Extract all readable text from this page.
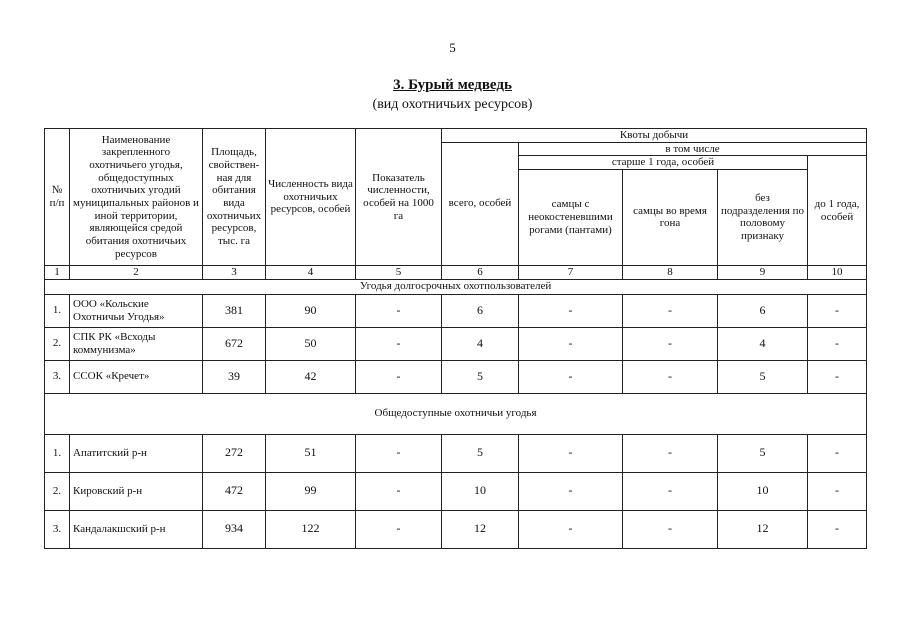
5
3. Бурый медведь
(вид охотничьих ресурсов)
№ п/п	Наименование закрепленного охотничьего угодья, общедоступных охотничьих угодий муниципальных районов и иной территории, являющейся средой обитания охотничьих ресурсов	Площадь, свойствен-ная для обитания вида охотничьих ресурсов, тыс. га	Численность вида охотничьих ресурсов, особей	Показатель численности, особей на 1000 га	Квоты добычи				
					всего, особей	в том числе			
						старше 1 года, особей			до 1 года, особей
						самцы с неокостеневшими рогами (пантами)	самцы во время гона	без подразделения по половому признаку	
1	2	3	4	5	6	7	8	9	10
Угодья долгосрочных охотпользователей									
1.	ООО «Кольские Охотничьи Угодья»	381	90	-	6	-	-	6	-
2.	СПК РК «Всходы коммунизма»	672	50	-	4	-	-	4	-
3.	ССОК «Кречет»	39	42	-	5	-	-	5	-
Общедоступные охотничьи угодья									
1.	Апатитский р-н	272	51	-	5	-	-	5	-
2.	Кировский р-н	472	99	-	10	-	-	10	-
3.	Кандалакшский р-н	934	122	-	12	-	-	12	-
